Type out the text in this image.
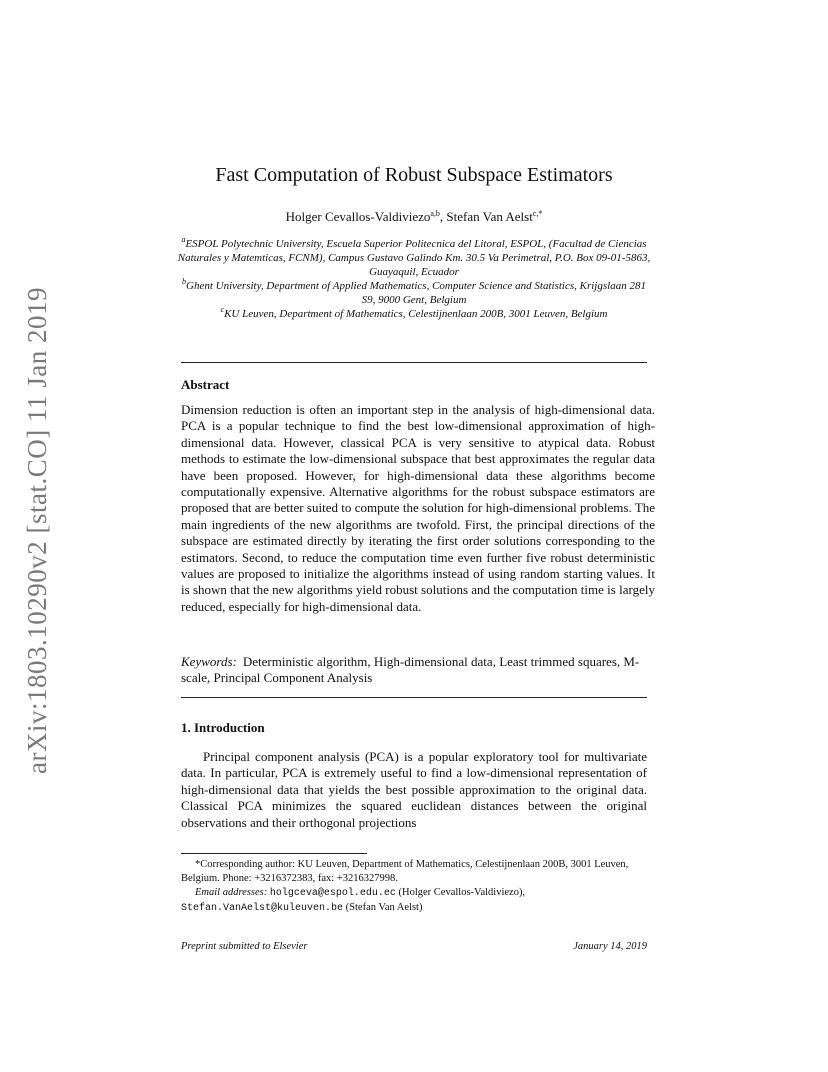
arXiv:1803.10290v2 [stat.CO] 11 Jan 2019
Fast Computation of Robust Subspace Estimators
Holger Cevallos-Valdiviezo$^{a,b}$, Stefan Van Aelst$^{c,*}$

$^a$ESPOL Polytechnic University, Escuela Superior Politecnica del Litoral, ESPOL, (Facultad de Ciencias Naturales y Matemticas, FCNM), Campus Gustavo Galindo Km. 30.5 Va Perimetral, P.O. Box 09-01-5863, Guayaquil, Ecuador

$^b$Ghent University, Department of Applied Mathematics, Computer Science and Statistics, Krijgslaan 281 S9, 9000 Gent, Belgium

$^c$KU Leuven, Department of Mathematics, Celestijnenlaan 200B, 3001 Leuven, Belgium

Abstract

Dimension reduction is often an important step in the analysis of high-dimensional data. PCA is a popular technique to find the best low-dimensional approximation of high-dimensional data. However, classical PCA is very sensitive to atypical data. Robust methods to estimate the low-dimensional subspace that best approximates the regular data have been proposed. However, for high-dimensional data these algorithms become computationally expensive. Alternative algorithms for the robust subspace estimators are proposed that are better suited to compute the solution for high-dimensional problems. The main ingredients of the new algorithms are twofold. First, the principal directions of the subspace are estimated directly by iterating the first order solutions corresponding to the estimators. Second, to reduce the computation time even further five robust deterministic values are proposed to initialize the algorithms instead of using random starting values. It is shown that the new algorithms yield robust solutions and the computation time is largely reduced, especially for high-dimensional data.

Keywords: Deterministic algorithm, High-dimensional data, Least trimmed squares, M-scale, Principal Component Analysis

1. Introduction

Principal component analysis (PCA) is a popular exploratory tool for multivariate data. In particular, PCA is extremely useful to find a low-dimensional representation of high-dimensional data that yields the best possible approximation to the original data. Classical PCA minimizes the squared euclidean distances between the original observations and their orthogonal projections

*Corresponding author: KU Leuven, Department of Mathematics, Celestijnenlaan 200B, 3001 Leuven, Belgium. Phone: +3216372383, fax: +3216327998.

Email addresses: holgceva@espol.edu.ec (Holger Cevallos-Valdiviezo),

Stefan.VanAelst@kuleuven.be (Stefan Van Aelst)

Preprint submitted to Elsevier	January 14, 2019
